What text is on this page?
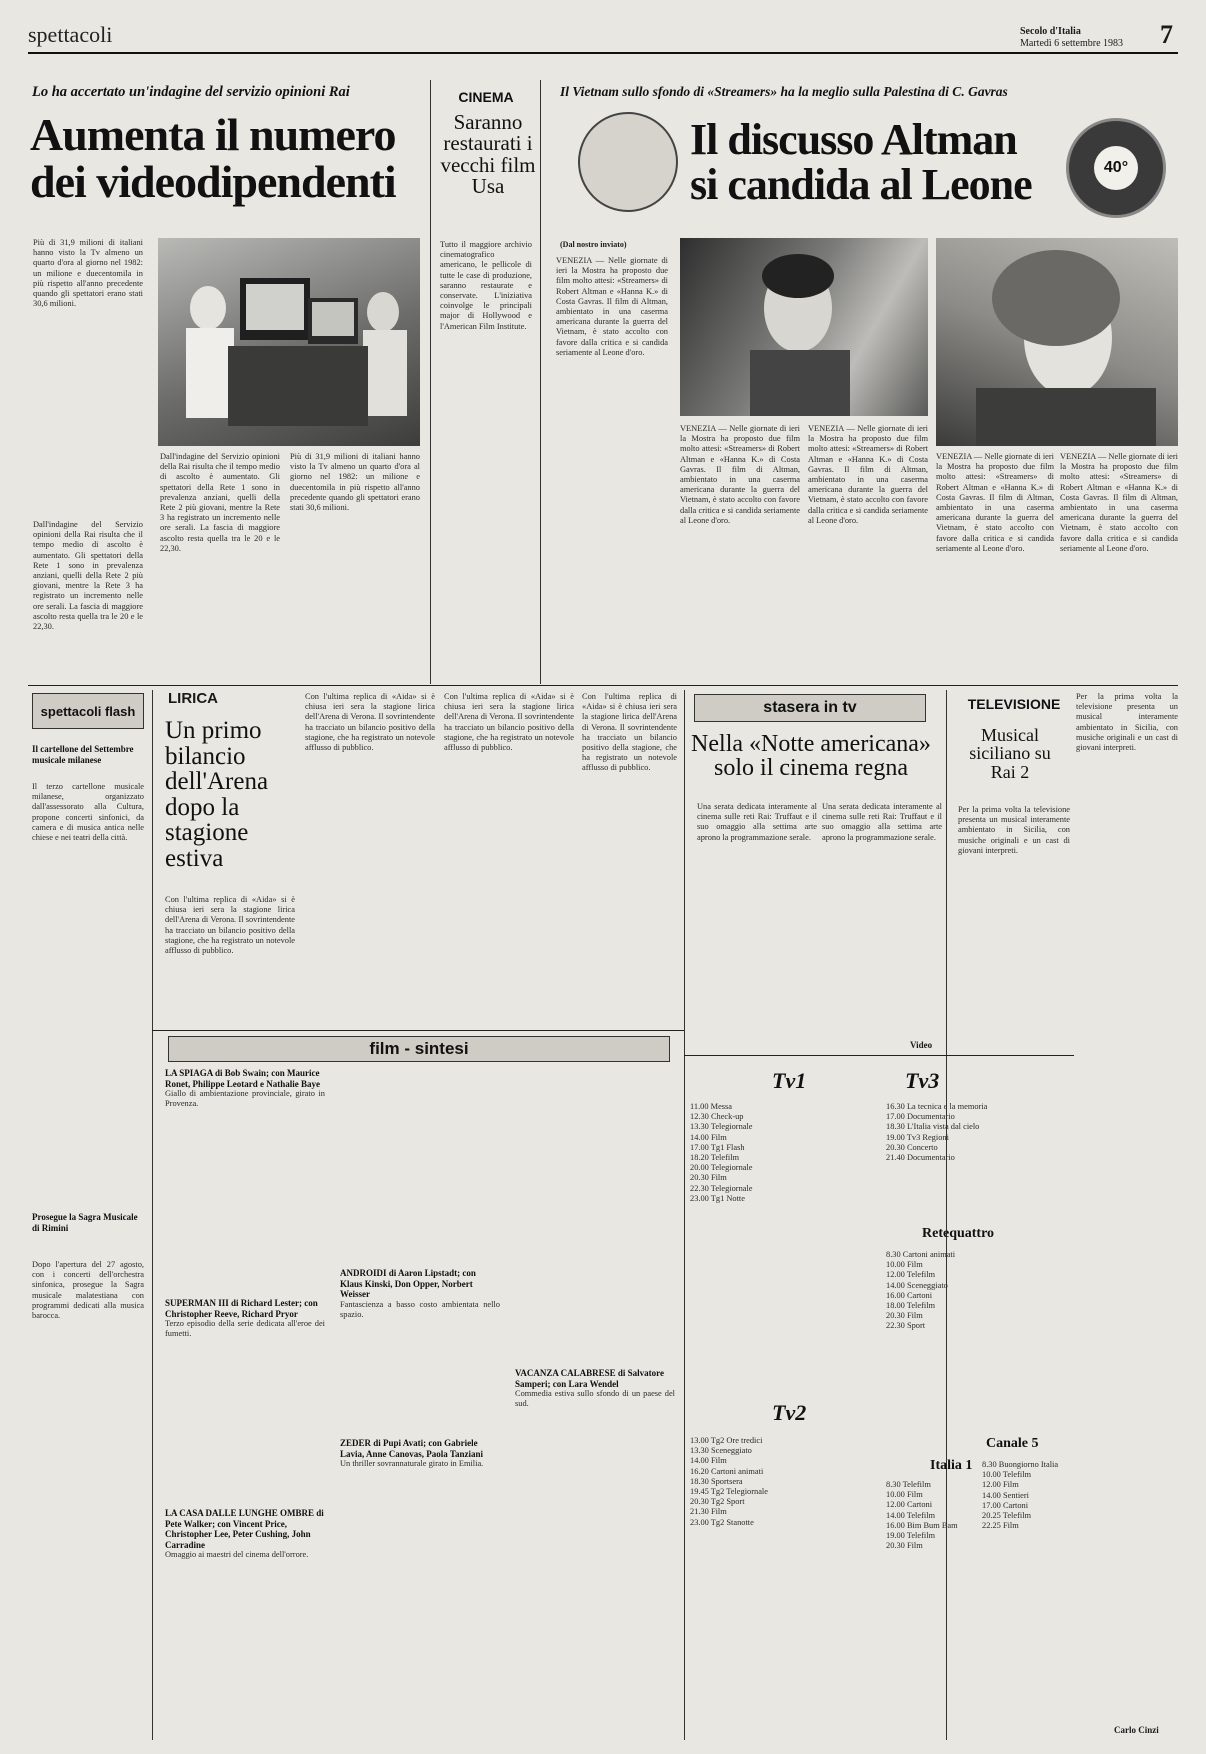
spettacoli	Secolo d'Italia
Martedì 6 settembre 1983 7
Lo ha accertato un'indagine del servizio opinioni Rai
Aumenta il numero dei videodipendenti
Più di 31,9 milioni di italiani hanno visto la Tv almeno un quarto d'ora al giorno nel 1982: un milione e duecentomila in più rispetto all'anno precedente quando gli spettatori erano stati 30,6 milioni.
Dall'indagine del Servizio opinioni della Rai risulta che il tempo medio di ascolto è aumentato. Gli spettatori della Rete 1 sono in prevalenza anziani, quelli della Rete 2 più giovani, mentre la Rete 3 ha registrato un incremento nelle ore serali. La fascia di maggiore ascolto resta quella tra le 20 e le 22,30.
Dall'indagine del Servizio opinioni della Rai risulta che il tempo medio di ascolto è aumentato. Gli spettatori della Rete 1 sono in prevalenza anziani, quelli della Rete 2 più giovani, mentre la Rete 3 ha registrato un incremento nelle ore serali. La fascia di maggiore ascolto resta quella tra le 20 e le 22,30.
Più di 31,9 milioni di italiani hanno visto la Tv almeno un quarto d'ora al giorno nel 1982: un milione e duecentomila in più rispetto all'anno precedente quando gli spettatori erano stati 30,6 milioni.
CINEMA
Saranno restaurati i vecchi film Usa
Tutto il maggiore archivio cinematografico americano, le pellicole di tutte le case di produzione, saranno restaurate e conservate. L'iniziativa coinvolge le principali major di Hollywood e l'American Film Institute.
Il Vietnam sullo sfondo di «Streamers» ha la meglio sulla Palestina di C. Gavras
Il discusso Altman si candida al Leone	40°
(Dal nostro inviato)
VENEZIA — Nelle giornate di ieri la Mostra ha proposto due film molto attesi: «Streamers» di Robert Altman e «Hanna K.» di Costa Gavras. Il film di Altman, ambientato in una caserma americana durante la guerra del Vietnam, è stato accolto con favore dalla critica e si candida seriamente al Leone d'oro.
VENEZIA — Nelle giornate di ieri la Mostra ha proposto due film molto attesi: «Streamers» di Robert Altman e «Hanna K.» di Costa Gavras. Il film di Altman, ambientato in una caserma americana durante la guerra del Vietnam, è stato accolto con favore dalla critica e si candida seriamente al Leone d'oro.
VENEZIA — Nelle giornate di ieri la Mostra ha proposto due film molto attesi: «Streamers» di Robert Altman e «Hanna K.» di Costa Gavras. Il film di Altman, ambientato in una caserma americana durante la guerra del Vietnam, è stato accolto con favore dalla critica e si candida seriamente al Leone d'oro.
VENEZIA — Nelle giornate di ieri la Mostra ha proposto due film molto attesi: «Streamers» di Robert Altman e «Hanna K.» di Costa Gavras. Il film di Altman, ambientato in una caserma americana durante la guerra del Vietnam, è stato accolto con favore dalla critica e si candida seriamente al Leone d'oro.
VENEZIA — Nelle giornate di ieri la Mostra ha proposto due film molto attesi: «Streamers» di Robert Altman e «Hanna K.» di Costa Gavras. Il film di Altman, ambientato in una caserma americana durante la guerra del Vietnam, è stato accolto con favore dalla critica e si candida seriamente al Leone d'oro.
spettacoli flash
Il cartellone del Settembre musicale milanese
Il terzo cartellone musicale milanese, organizzato dall'assessorato alla Cultura, propone concerti sinfonici, da camera e di musica antica nelle chiese e nei teatri della città.
Prosegue la Sagra Musicale di Rimini
Dopo l'apertura del 27 agosto, con i concerti dell'orchestra sinfonica, prosegue la Sagra musicale malatestiana con programmi dedicati alla musica barocca.
LIRICA
Un primo bilancio dell'Arena dopo la stagione estiva
Con l'ultima replica di «Aida» si è chiusa ieri sera la stagione lirica dell'Arena di Verona. Il sovrintendente ha tracciato un bilancio positivo della stagione, che ha registrato un notevole afflusso di pubblico.
Con l'ultima replica di «Aida» si è chiusa ieri sera la stagione lirica dell'Arena di Verona. Il sovrintendente ha tracciato un bilancio positivo della stagione, che ha registrato un notevole afflusso di pubblico.
Con l'ultima replica di «Aida» si è chiusa ieri sera la stagione lirica dell'Arena di Verona. Il sovrintendente ha tracciato un bilancio positivo della stagione, che ha registrato un notevole afflusso di pubblico.
Con l'ultima replica di «Aida» si è chiusa ieri sera la stagione lirica dell'Arena di Verona. Il sovrintendente ha tracciato un bilancio positivo della stagione, che ha registrato un notevole afflusso di pubblico.
film - sintesi
LA SPIAGA di Bob Swain; con Maurice Ronet, Philippe Leotard e Nathalie Baye
Giallo di ambientazione provinciale, girato in Provenza.
SUPERMAN III di Richard Lester; con Christopher Reeve, Richard Pryor
Terzo episodio della serie dedicata all'eroe dei fumetti.
LA CASA DALLE LUNGHE OMBRE di Pete Walker; con Vincent Price, Christopher Lee, Peter Cushing, John Carradine
Omaggio ai maestri del cinema dell'orrore.
ANDROIDI di Aaron Lipstadt; con Klaus Kinski, Don Opper, Norbert Weisser
Fantascienza a basso costo ambientata nello spazio.
ZEDER di Pupi Avati; con Gabriele Lavia, Anne Canovas, Paola Tanziani
Un thriller sovrannaturale girato in Emilia.
VACANZA CALABRESE di Salvatore Samperi; con Lara Wendel
Commedia estiva sullo sfondo di un paese del sud.
stasera in tv
Nella «Notte americana» solo il cinema regna
Una serata dedicata interamente al cinema sulle reti Rai: Truffaut e il suo omaggio alla settima arte aprono la programmazione serale.
Una serata dedicata interamente al cinema sulle reti Rai: Truffaut e il suo omaggio alla settima arte aprono la programmazione serale.
Video
TELEVISIONE
Musical siciliano su Rai 2
Per la prima volta la televisione presenta un musical interamente ambientato in Sicilia, con musiche originali e un cast di giovani interpreti.
Per la prima volta la televisione presenta un musical interamente ambientato in Sicilia, con musiche originali e un cast di giovani interpreti.
Carlo Cinzi
Tv1
11.00 Messa
12.30 Check-up
13.30 Telegiornale
14.00 Film
17.00 Tg1 Flash
18.20 Telefilm
20.00 Telegiornale
20.30 Film
22.30 Telegiornale
23.00 Tg1 Notte
Tv2
13.00 Tg2 Ore tredici
13.30 Sceneggiato
14.00 Film
16.20 Cartoni animati
18.30 Sportsera
19.45 Tg2 Telegiornale
20.30 Tg2 Sport
21.30 Film
23.00 Tg2 Stanotte
Tv3
16.30 La tecnica e la memoria
17.00 Documentario
18.30 L'Italia vista dal cielo
19.00 Tv3 Regioni
20.30 Concerto
21.40 Documentario
Retequattro
8.30 Cartoni animati
10.00 Film
12.00 Telefilm
14.00 Sceneggiato
16.00 Cartoni
18.00 Telefilm
20.30 Film
22.30 Sport
Italia 1
8.30 Telefilm
10.00 Film
12.00 Cartoni
14.00 Telefilm
16.00 Bim Bum Bam
19.00 Telefilm
20.30 Film
Canale 5
8.30 Buongiorno Italia
10.00 Telefilm
12.00 Film
14.00 Sentieri
17.00 Cartoni
20.25 Telefilm
22.25 Film
